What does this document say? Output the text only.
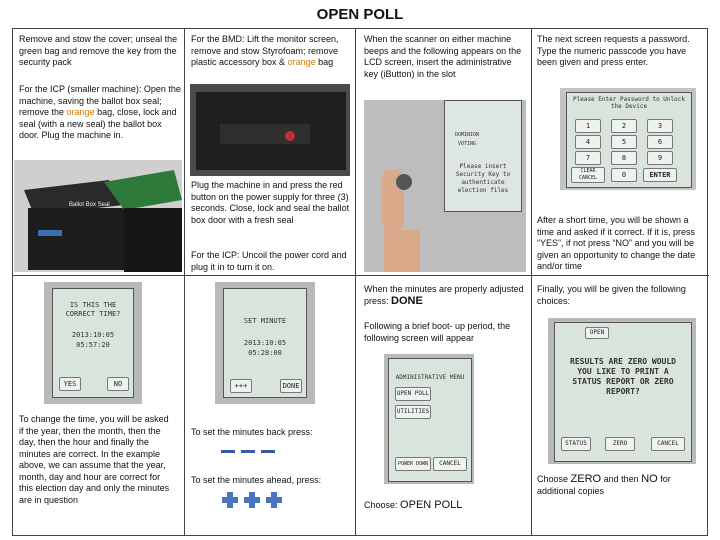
OPEN POLL
Remove and stow the cover; unseal the green bag and remove the key from the security pack
For the ICP (smaller machine): Open the machine, saving the ballot box seal; remove the orange bag, close, lock and seal (with a new seal) the ballot box door. Plug the machine in.
Ballot Box Seal
IS THIS THE CORRECT TIME?
2013:10:05
05:57:20
YES	NO
To change the time, you will be asked if the year, then the month, then the day, then the hour and finally the minutes are correct. In the example above, we can assume that the year, month, day and hour are correct for this election day and only the minutes are in question
For the BMD: Lift the monitor screen, remove and stow Styrofoam; remove plastic accessory box & orange bag
Plug the machine in and press the red button on the power supply for three (3) seconds. Close, lock and seal the ballot box door with a fresh seal
For the ICP: Uncoil the power cord and plug it in to turn it on.
SET MINUTE
2013:10:05
05:28:00
+++	DONE
To set the minutes back press:
To set the minutes ahead, press:
When the scanner on either machine beeps and the following appears on the LCD screen, insert the administrative key (iButton) in the slot
DOMINION VOTING
Please insert Security Key to authenticate election files
When the minutes are properly adjusted press: DONE
Following a brief boot- up period, the following screen will appear
ADMINISTRATIVE MENU
OPEN POLL
UTILITIES
POWER DOWN	CANCEL
Choose: OPEN POLL
The next screen requests a password. Type the numeric passcode you have been given and press enter.
Please Enter Password to Unlock the Device
1	2	3
4	5	6
7	8	9
CLEAR CANCEL	0	ENTER
After a short time, you will be shown a time and asked if it correct. If it is, press “YES”, if not press “NO” and you will be given an opportunity to change the date and/or time
Finally, you will be given the following choices:
OPEN
RESULTS ARE ZERO WOULD YOU LIKE TO PRINT A STATUS REPORT OR ZERO REPORT?
STATUS	ZERO	CANCEL
Choose ZERO and then NO for additional copies
